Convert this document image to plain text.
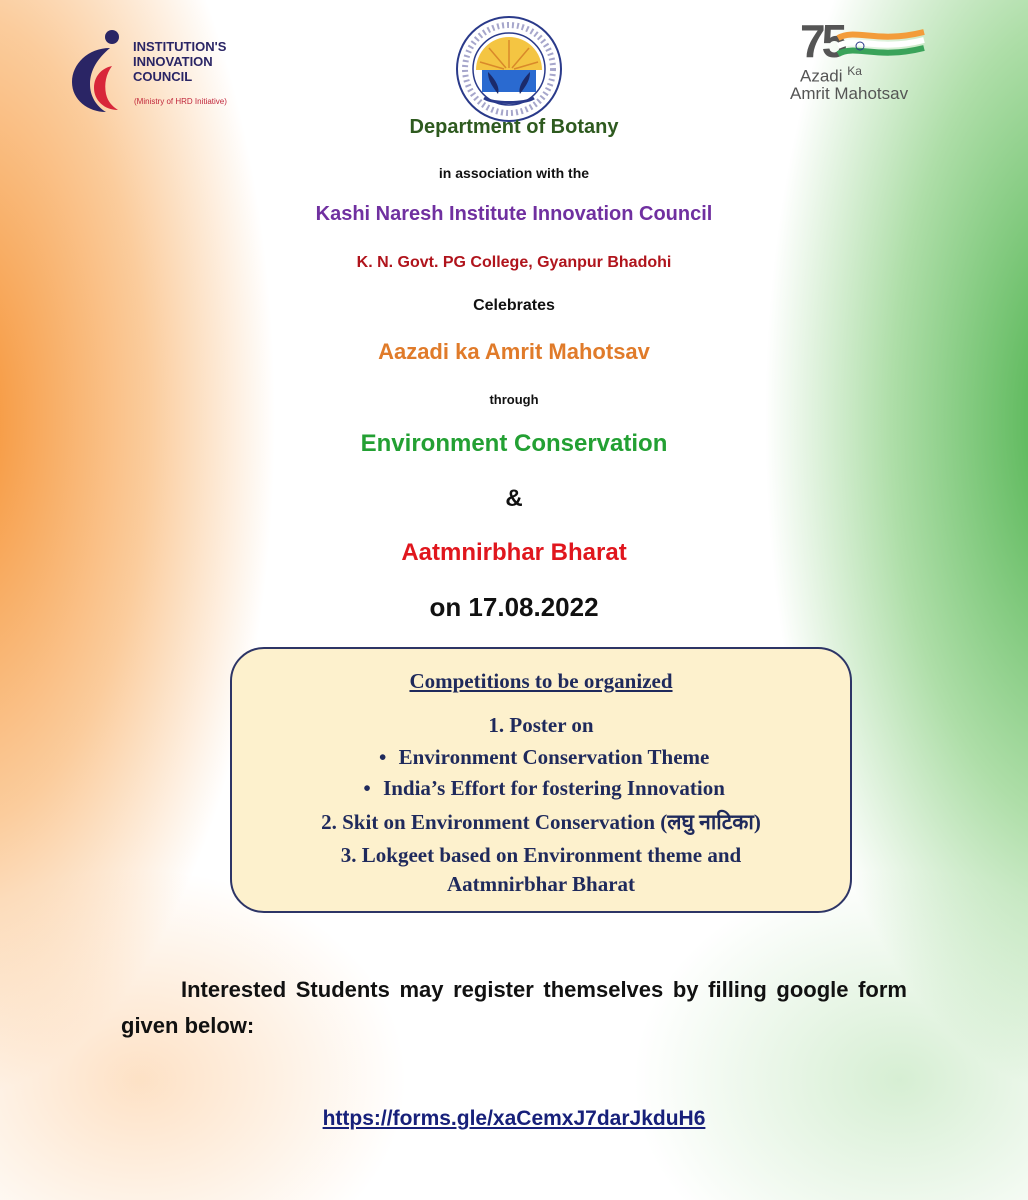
INSTITUTION'S
INNOVATION
COUNCIL
(Ministry of HRD Initiative)
75
Azadi $^{Ka}$
Amrit Mahotsav
Department of Botany
in association with the
Kashi Naresh Institute Innovation Council
K. N. Govt. PG College, Gyanpur Bhadohi
Celebrates
Aazadi ka Amrit Mahotsav
through
Environment Conservation
&
Aatmnirbhar Bharat
on 17.08.2022
Competitions to be organized
1. Poster on
• Environment Conservation Theme
• India’s Effort for fostering Innovation
2. Skit on Environment Conservation (लघु नाटिका)
3. Lokgeet based on Environment theme and
Aatmnirbhar Bharat
Interested Students may register themselves by filling google form given below:
https://forms.gle/xaCemxJ7darJkduH6
